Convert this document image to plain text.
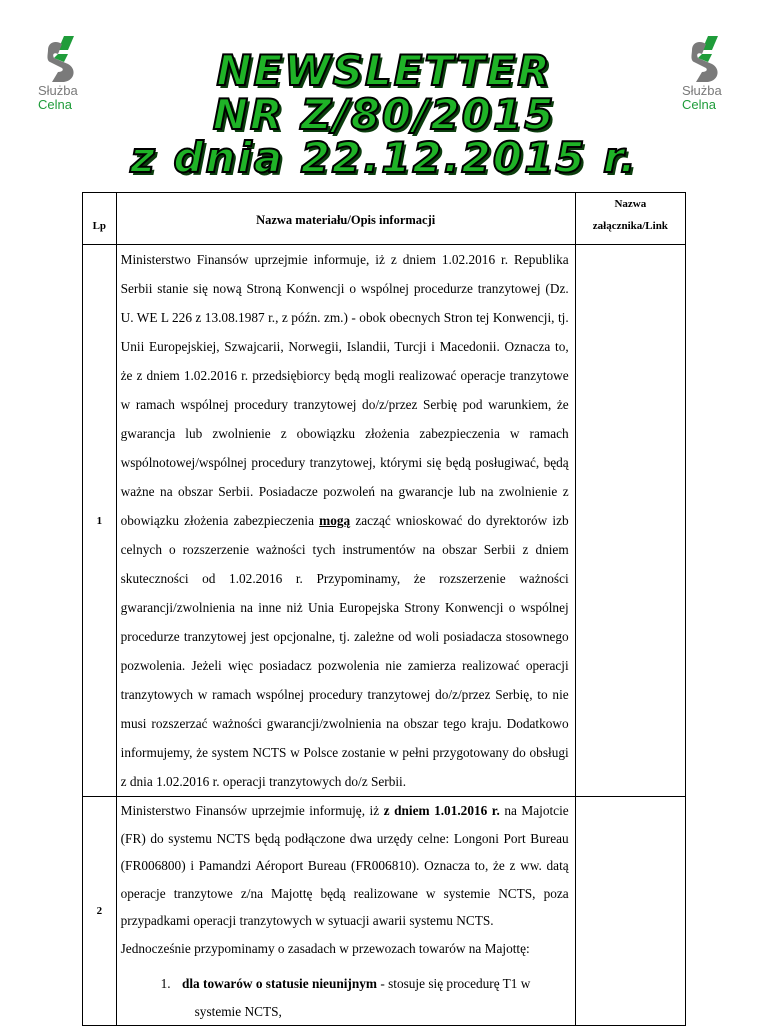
Służba
Celna
Służba
Celna
NEWSLETTER
NR Z/80/2015
z dnia 22.12.2015 r.
Lp	Nazwa materiału/Opis informacji	Nazwa
załącznika/Link

1	Ministerstwo Finansów uprzejmie informuje, iż z dniem 1.02.2016 r. Republika Serbii stanie się nową Stroną Konwencji o wspólnej procedurze tranzytowej (Dz. U. WE L 226 z 13.08.1987 r., z późn. zm.) - obok obecnych Stron tej Konwencji, tj. Unii Europejskiej, Szwajcarii, Norwegii, Islandii, Turcji i Macedonii. Oznacza to, że z dniem 1.02.2016 r. przedsiębiorcy będą mogli realizować operacje tranzytowe w ramach wspólnej procedury tranzytowej do/z/przez Serbię pod warunkiem, że gwarancja lub zwolnienie z obowiązku złożenia zabezpieczenia w ramach wspólnotowej/wspólnej procedury tranzytowej, którymi się będą posługiwać, będą ważne na obszar Serbii. Posiadacze pozwoleń na gwarancje lub na zwolnienie z obowiązku złożenia zabezpieczenia mogą zacząć wnioskować do dyrektorów izb celnych o rozszerzenie ważności tych instrumentów na obszar Serbii z dniem skuteczności od 1.02.2016 r. Przypominamy, że rozszerzenie ważności gwarancji/zwolnienia na inne niż Unia Europejska Strony Konwencji o wspólnej procedurze tranzytowej jest opcjonalne, tj. zależne od woli posiadacza stosownego pozwolenia. Jeżeli więc posiadacz pozwolenia nie zamierza realizować operacji tranzytowych w ramach wspólnej procedury tranzytowej do/z/przez Serbię, to nie musi rozszerzać ważności gwarancji/zwolnienia na obszar tego kraju. Dodatkowo informujemy, że system NCTS w Polsce zostanie w pełni przygotowany do obsługi z dnia 1.02.2016 r. operacji tranzytowych do/z Serbii.	

2	Ministerstwo Finansów uprzejmie informuję, iż z dniem 1.01.2016 r. na Majotcie (FR) do systemu NCTS będą podłączone dwa urzędy celne: Longoni Port Bureau (FR006800) i Pamandzi Aéroport Bureau (FR006810). Oznacza to, że z ww. datą operacje tranzytowe z/na Majottę będą realizowane w systemie NCTS, poza przypadkami operacji tranzytowych w sytuacji awarii systemu NCTS.

Jednocześnie przypominamy o zasadach w przewozach towarów na Majottę:

1. dla towarów o statusie nieunijnym - stosuje się procedurę T1 w
systemie NCTS,	
